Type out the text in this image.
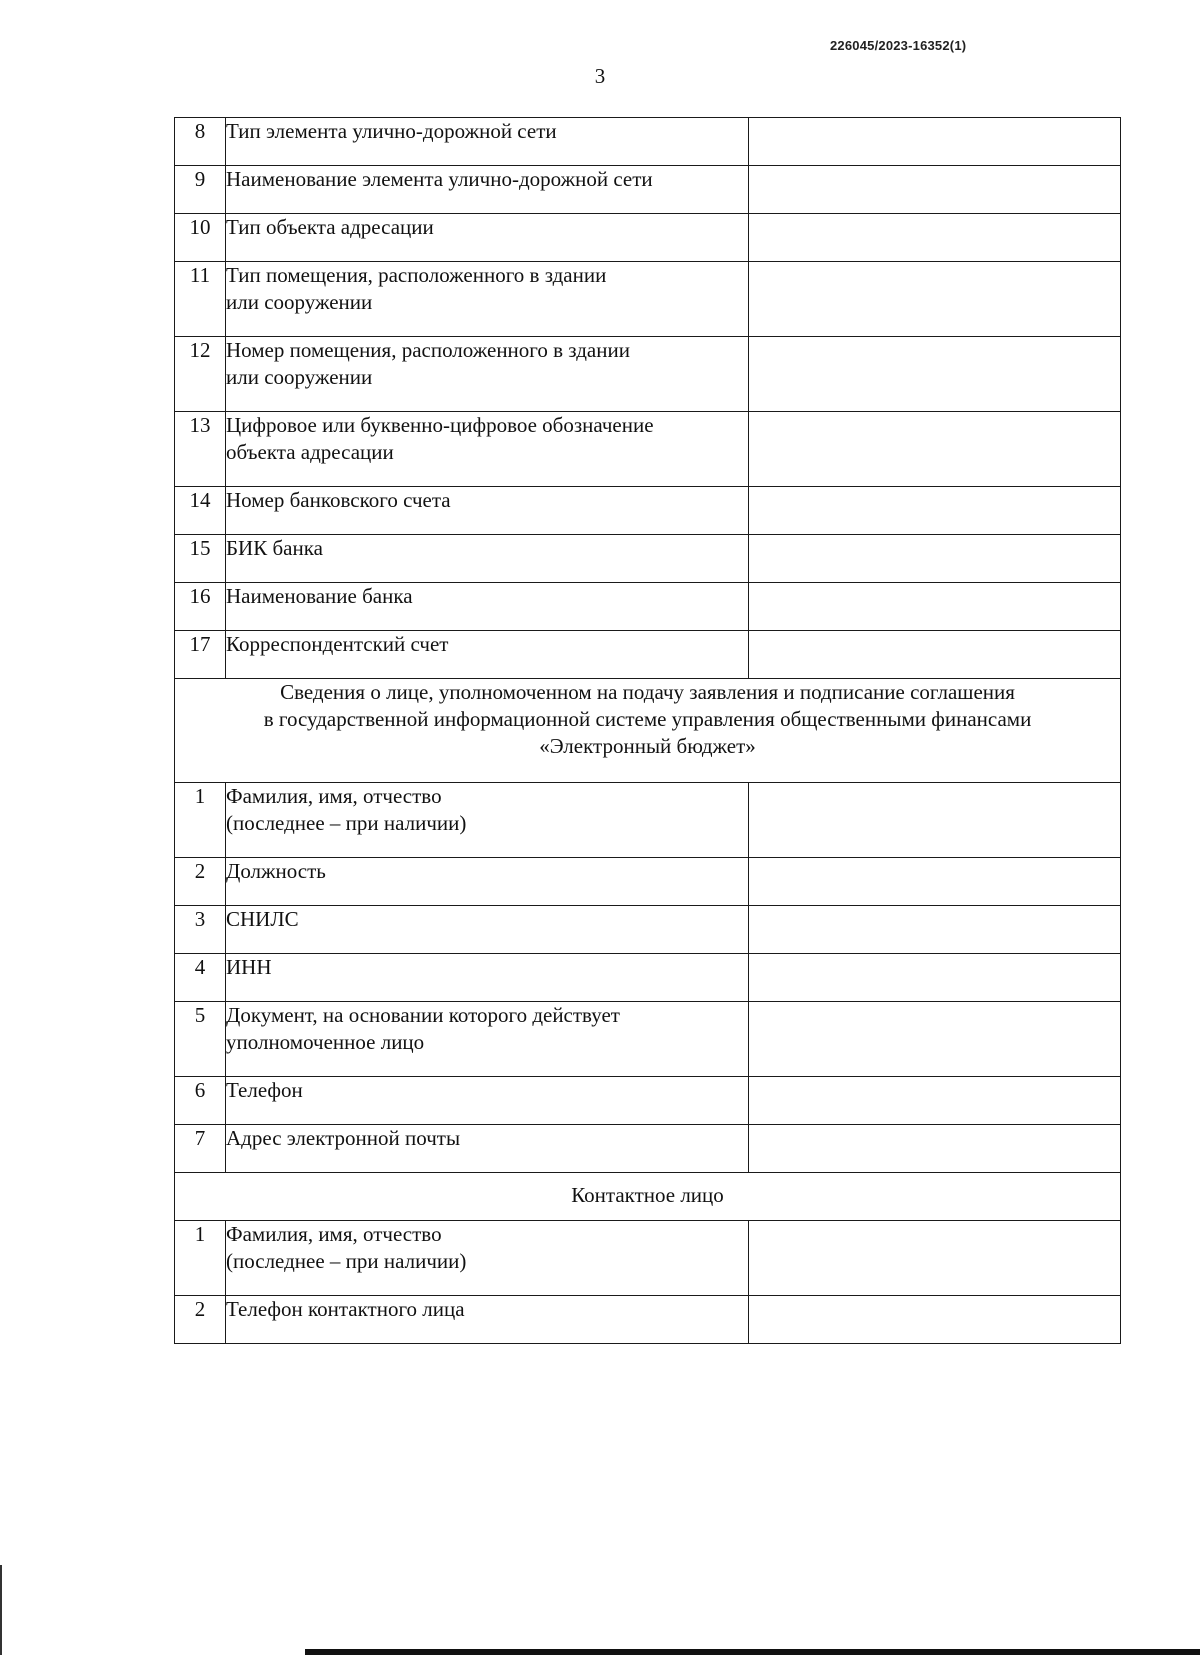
226045/2023-16352(1)
3
8	Тип элемента улично-дорожной сети	

9	Наименование элемента улично-дорожной сети	

10	Тип объекта адресации	

11	Тип помещения, расположенного в здании
или сооружении	

12	Номер помещения, расположенного в здании
или сооружении	

13	Цифровое или буквенно-цифровое обозначение
объекта адресации	

14	Номер банковского счета	

15	БИК банка	

16	Наименование банка	

17	Корреспондентский счет	

Сведения о лице, уполномоченном на подачу заявления и подписание соглашения
в государственной информационной системе управления общественными финансами
«Электронный бюджет»		

1	Фамилия, имя, отчество
(последнее – при наличии)	

2	Должность	

3	СНИЛС	

4	ИНН	

5	Документ, на основании которого действует
уполномоченное лицо	

6	Телефон	

7	Адрес электронной почты	

Контактное лицо		

1	Фамилия, имя, отчество
(последнее – при наличии)	

2	Телефон контактного лица	
